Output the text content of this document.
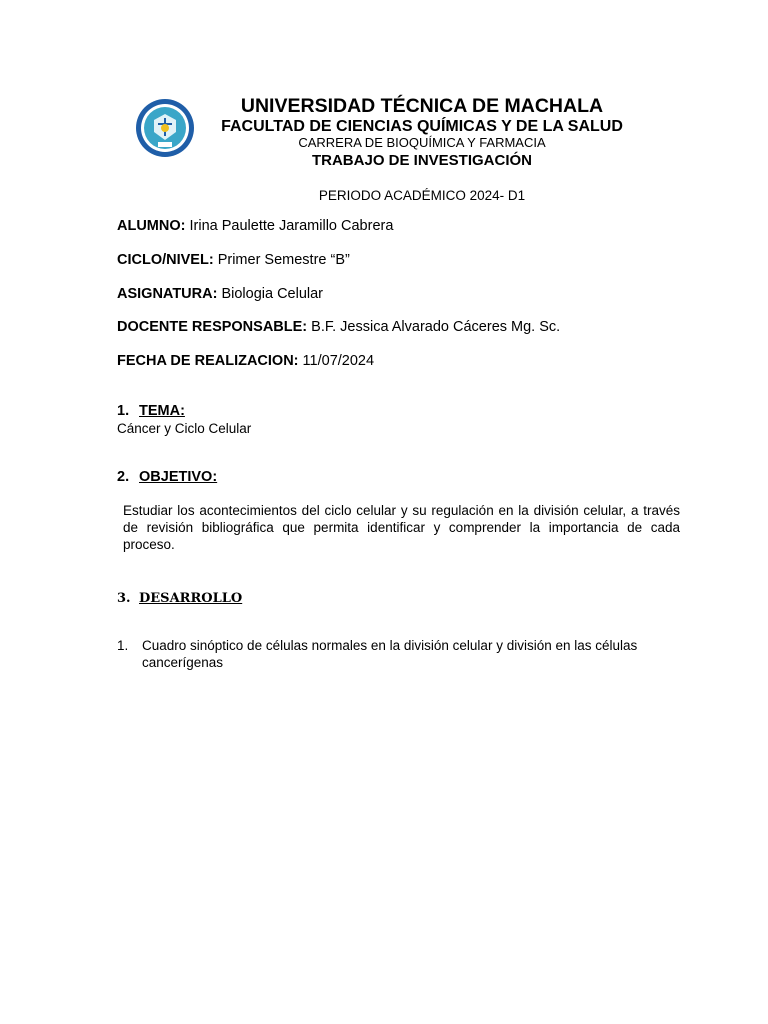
UNIVERSIDAD TÉCNICA DE MACHALA
FACULTAD DE CIENCIAS QUÍMICAS Y DE LA SALUD
CARRERA DE BIOQUÍMICA Y FARMACIA
TRABAJO DE INVESTIGACIÓN
PERIODO ACADÉMICO 2024- D1
ALUMNO: Irina Paulette Jaramillo Cabrera
CICLO/NIVEL: Primer Semestre “B”
ASIGNATURA: Biologia Celular
DOCENTE RESPONSABLE: B.F. Jessica Alvarado Cáceres Mg. Sc.
FECHA DE REALIZACION: 11/07/2024
1. TEMA:
Cáncer y Ciclo Celular
2. OBJETIVO:
Estudiar los acontecimientos del ciclo celular y su regulación en la división celular, a través de revisión bibliográfica que permita identificar y comprender la importancia de cada proceso.
3. DESARROLLO
1. Cuadro sinóptico de células normales en la división celular y división en las células cancerígenas
